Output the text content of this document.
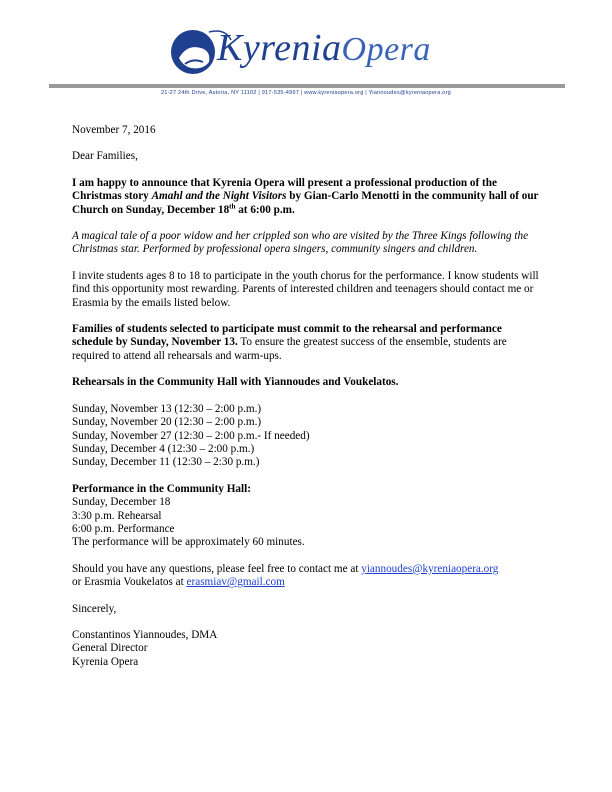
KyreniaOpera
21-27 24th Drive, Astoria, NY 11102 | 917-535-4997 | www.kyreniaopera.org | Yiannoudes@kyreniaopera.org

November 7, 2016

Dear Families,

I am happy to announce that Kyrenia Opera will present a professional production of the Christmas story Amahl and the Night Visitors by Gian-Carlo Menotti in the community hall of our Church on Sunday, December 18th at 6:00 p.m.

A magical tale of a poor widow and her crippled son who are visited by the Three Kings following the Christmas star. Performed by professional opera singers, community singers and children.

I invite students ages 8 to 18 to participate in the youth chorus for the performance. I know students will find this opportunity most rewarding. Parents of interested children and teenagers should contact me or Erasmia by the emails listed below.

Families of students selected to participate must commit to the rehearsal and performance schedule by Sunday, November 13. To ensure the greatest success of the ensemble, students are required to attend all rehearsals and warm-ups.

Rehearsals in the Community Hall with Yiannoudes and Voukelatos.

Sunday, November 13 (12:30 – 2:00 p.m.)
Sunday, November 20 (12:30 – 2:00 p.m.)
Sunday, November 27 (12:30 – 2:00 p.m.- If needed)
Sunday, December 4 (12:30 – 2:00 p.m.)
Sunday, December 11 (12:30 – 2:30 p.m.)

Performance in the Community Hall:

Sunday, December 18
3:30 p.m. Rehearsal
6:00 p.m. Performance
The performance will be approximately 60 minutes.

Should you have any questions, please feel free to contact me at yiannoudes@kyreniaopera.org
or Erasmia Voukelatos at erasmiav@gmail.com

Sincerely,

Constantinos Yiannoudes, DMA

General Director

Kyrenia Opera
